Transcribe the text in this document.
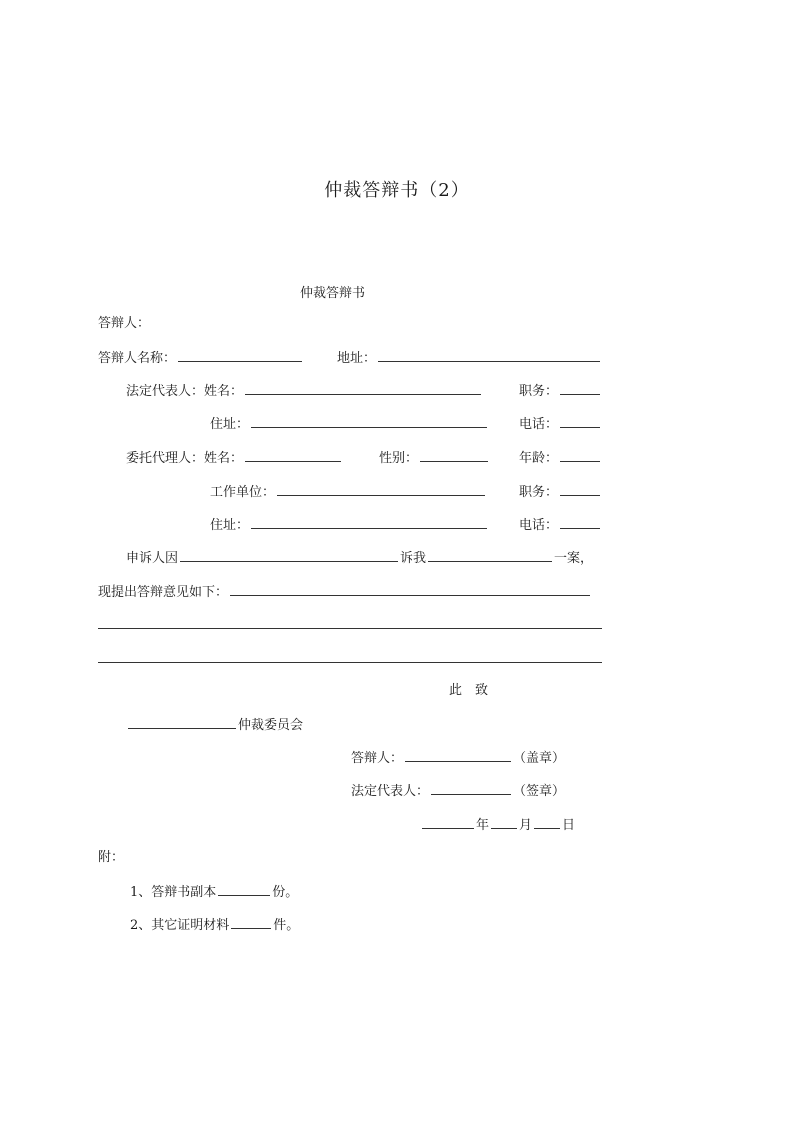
仲裁答辩书（2）
仲裁答辩书
答辩人：
答辩人名称：	地址：
法定代表人：姓名：	职务：
住址：	电话：
委托代理人：姓名：	性别：	年龄：
工作单位：	职务：
住址：	电话：
申诉人因	诉我	一案，
现提出答辩意见如下：
此　致
仲裁委员会
答辩人：	（盖章）
法定代表人：	（签章）
年 月 日
附：
1、答辩书副本	份。
2、其它证明材料	件。
